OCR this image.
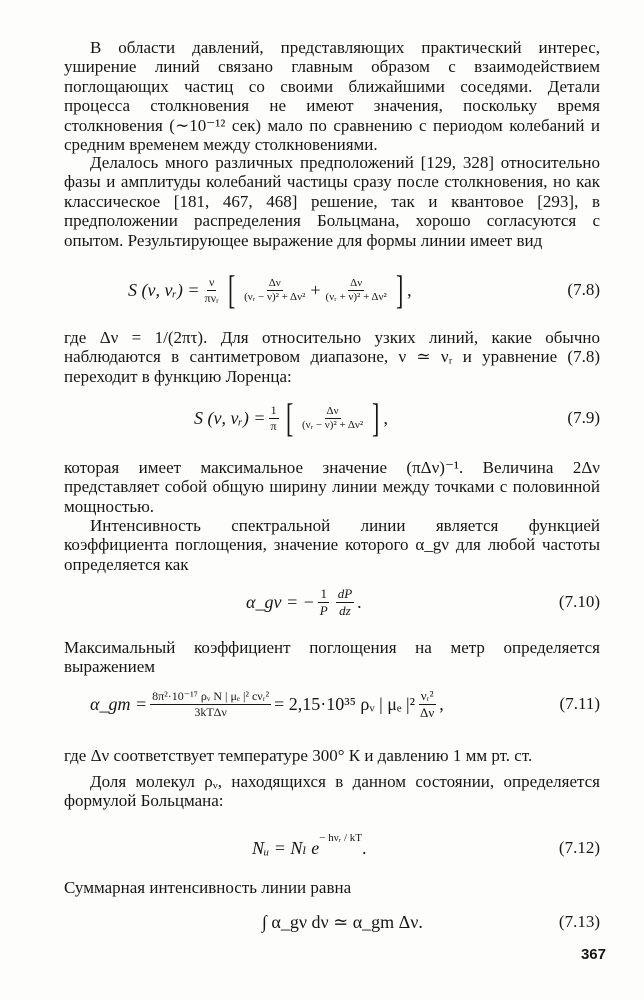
В области давлений, представляющих практический интерес, уширение линий связано главным образом с взаимодействием поглощающих частиц со своими ближайшими соседями. Детали процесса столкновения не имеют значения, поскольку время столкновения (∼10⁻¹² сек) мало по сравнению с периодом колебаний и средним временем между столкновениями.
Делалось много различных предположений [129, 328] относительно фазы и амплитуды колебаний частицы сразу после столкновения, но как классическое [181, 467, 468] решение, так и квантовое [293], в предположении распределения Больцмана, хорошо согласуются с опытом. Результирующее выражение для формы линии имеет вид
S (ν, νᵣ) = $\frac{\nu}{\text{πνᵣ}}$ [ $\frac{\Delta\nu}{\text{(νᵣ − ν)² + Δν²}} + \frac{\Delta\nu}{\text{(νᵣ + ν)² + Δν²}}$ ] ,	(7.8)
где Δν = 1/(2πτ). Для относительно узких линий, какие обычно наблюдаются в сантиметровом диапазоне, ν ≃ νᵣ и уравнение (7.8) переходит в функцию Лоренца:
S (ν, νᵣ) = $\frac{1}{\pi}$ [ $\frac{\Delta\nu}{\text{(νᵣ − ν)² + Δν²}}$ ] ,	(7.9)
которая имеет максимальное значение (πΔν)⁻¹. Величина 2Δν представляет собой общую ширину линии между точками с половинной мощностью.
Интенсивность спектральной линии является функцией коэффициента поглощения, значение которого α_gν для любой частоты определяется как
α_gν = − $\frac{1}{P} \frac{dP}{dz}$ .	(7.10)
Максимальный коэффициент поглощения на метр определяется выражением
α_gm = $\frac{\text{8π²·10⁻¹⁷ ρᵥ N | μₑ |² cνᵣ²}}{\text{3kTΔν}} = 2,15\cdot 10^{35}$ ρᵥ | μₑ $|^2 \frac{\text{νᵣ²}}{\Delta\nu}$ ,	(7.11)
где Δν соответствует температуре 300° К и давлению 1 мм рт. ст.
Доля молекул ρᵥ, находящихся в данном состоянии, определяется формулой Больцмана:
Nᵤ = Nₗ $e^{- h\nu ᵣ / kT}$ .	(7.12)
Суммарная интенсивность линии равна
∫ α_gν dν ≃ α_gm Δν.	(7.13)
367
